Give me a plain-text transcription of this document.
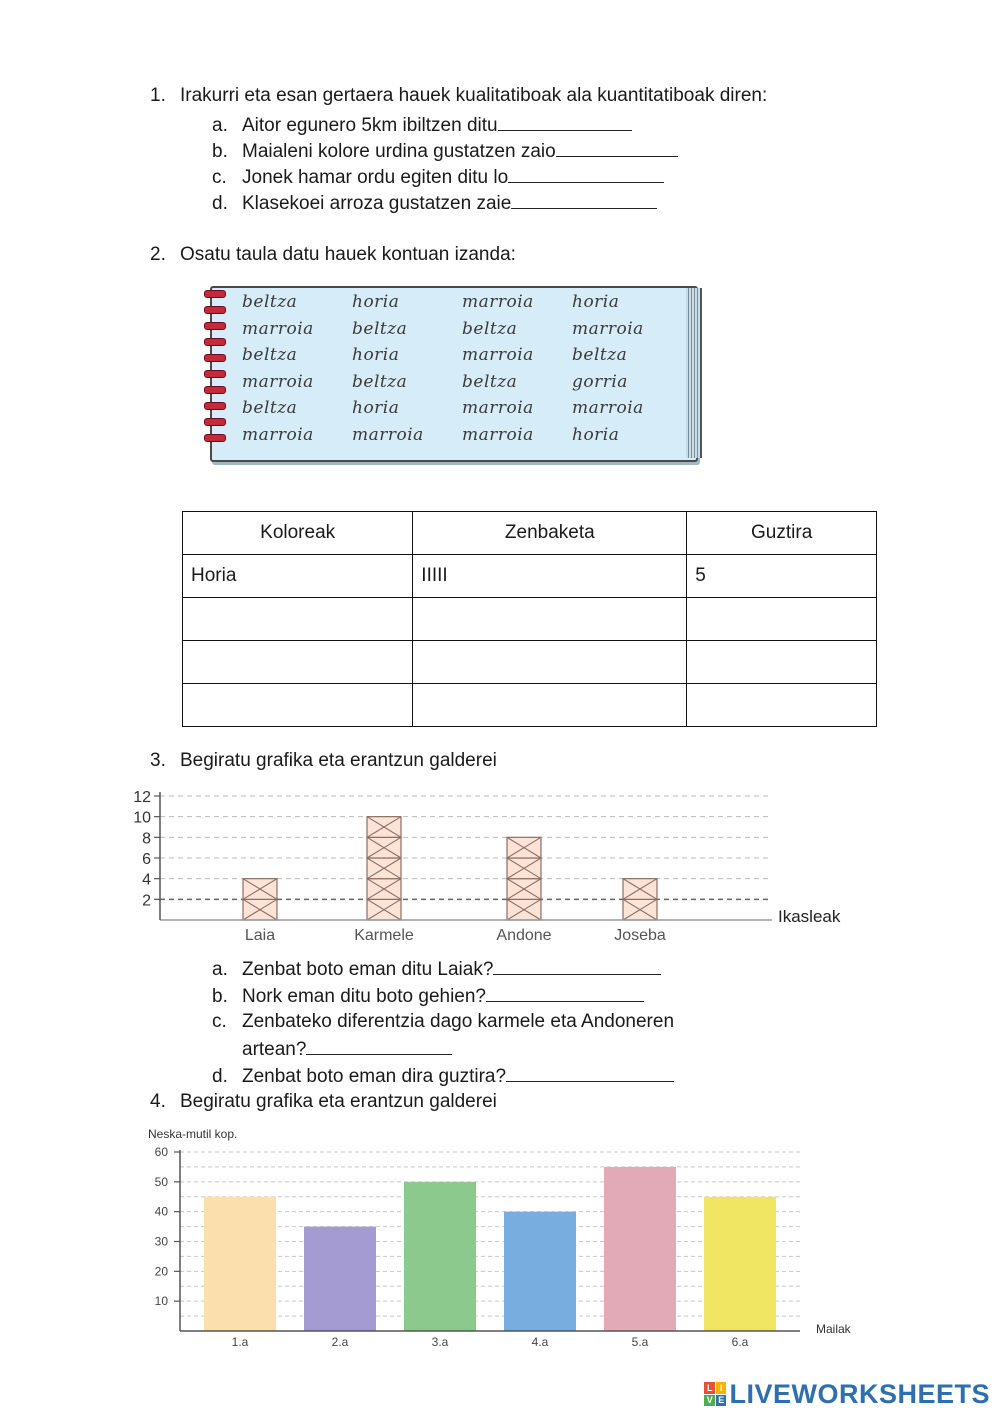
1. Irakurri eta esan gertaera hauek kualitatiboak ala kuantitatiboak diren:
a. Aitor egunero 5km ibiltzen ditu
b. Maialeni kolore urdina gustatzen zaio
c. Jonek hamar ordu egiten ditu lo
d. Klasekoei arroza gustatzen zaie
2. Osatu taula datu hauek kontuan izanda:
beltza	horia	marroia	horia
marroia	beltza	beltza	marroia
beltza	horia	marroia	beltza
marroia	beltza	beltza	gorria
beltza	horia	marroia	marroia
marroia	marroia	marroia	horia
Koloreak	Zenbaketa	Guztira
Horia	IIIII	5

3. Begiratu grafika eta erantzun galderei
2
4
6
8
10
12
Laia	Karmele	Andone	Joseba
Ikasleak
a. Zenbat boto eman ditu Laiak?
b. Nork eman ditu boto gehien?
c. Zenbateko diferentzia dago karmele eta Andoneren
artean?
d. Zenbat boto eman dira guztira?
4. Begiratu grafika eta erantzun galderei
Neska-mutil kop.
10
20
30
40
50
60
1.a	2.a	3.a	4.a	5.a	6.a
Mailak
L I
V E LIVEWORKSHEETS
